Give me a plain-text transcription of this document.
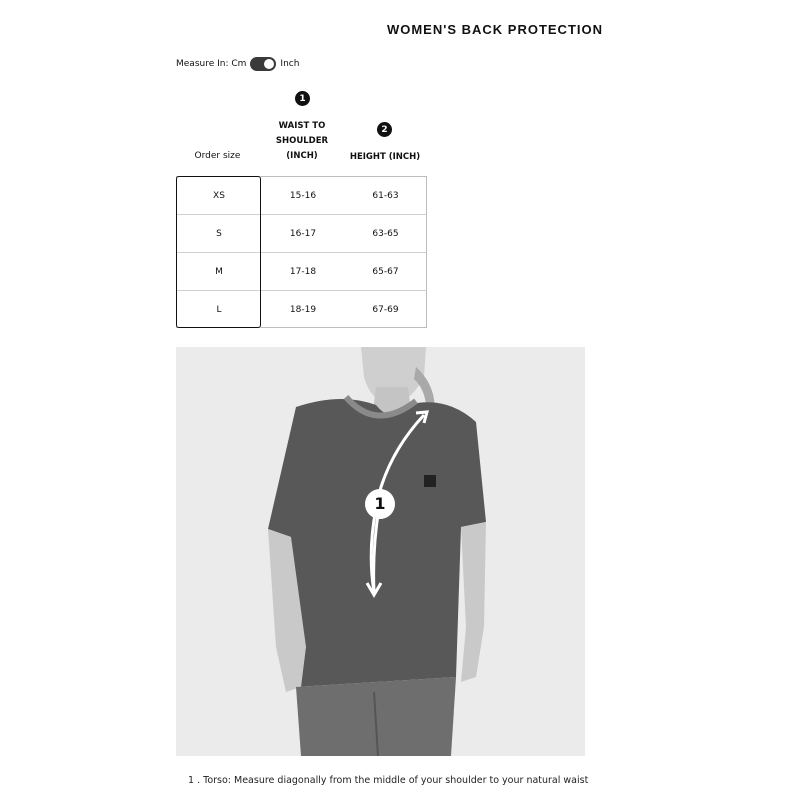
WOMEN'S BACK PROTECTION
Measure In: Cm	Inch
1
2
Order size
WAIST TO
SHOULDER
(INCH)	HEIGHT (INCH)
XS	15-16	61-63
S	16-17	63-65
M	17-18	65-67
L	18-19	67-69
1
1 . Torso: Measure diagonally from the middle of your shoulder to your natural waist
